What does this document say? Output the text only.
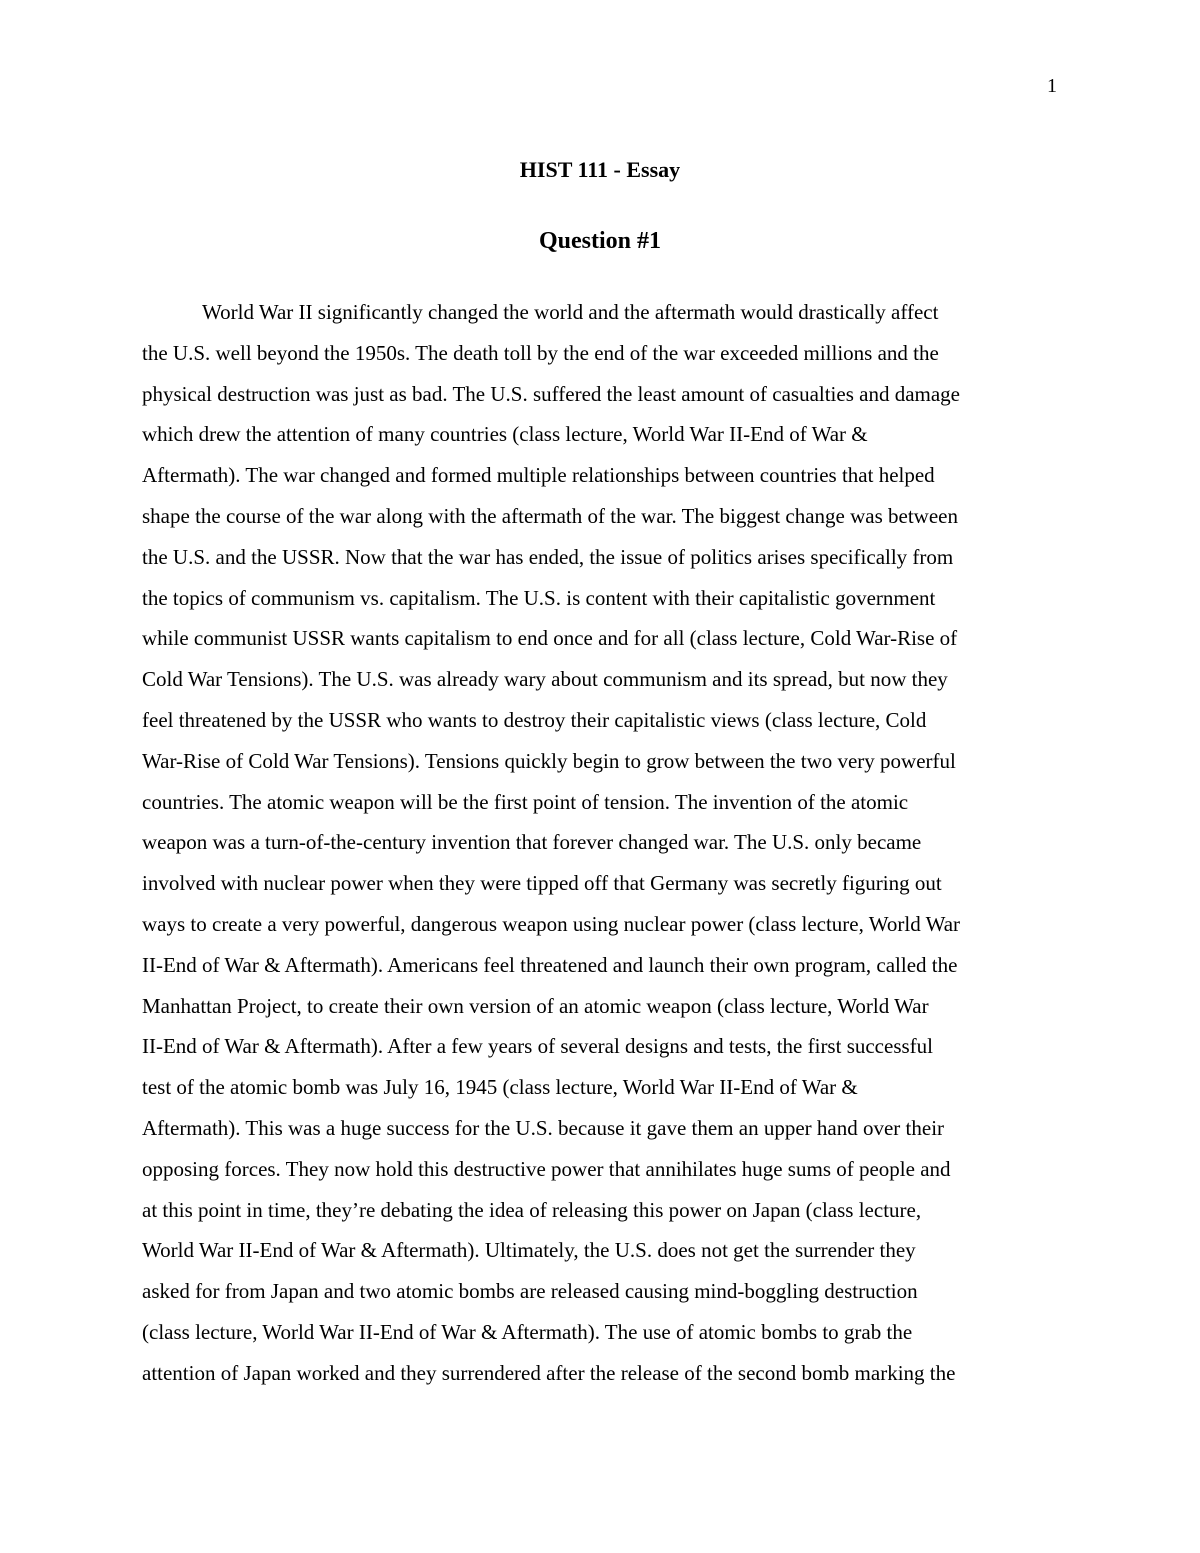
1
HIST 111 - Essay
Question #1
World War II significantly changed the world and the aftermath would drastically affect
the U.S. well beyond the 1950s. The death toll by the end of the war exceeded millions and the
physical destruction was just as bad. The U.S. suffered the least amount of casualties and damage
which drew the attention of many countries (class lecture, World War II-End of War &
Aftermath). The war changed and formed multiple relationships between countries that helped
shape the course of the war along with the aftermath of the war. The biggest change was between
the U.S. and the USSR. Now that the war has ended, the issue of politics arises specifically from
the topics of communism vs. capitalism. The U.S. is content with their capitalistic government
while communist USSR wants capitalism to end once and for all (class lecture, Cold War-Rise of
Cold War Tensions). The U.S. was already wary about communism and its spread, but now they
feel threatened by the USSR who wants to destroy their capitalistic views (class lecture, Cold
War-Rise of Cold War Tensions). Tensions quickly begin to grow between the two very powerful
countries. The atomic weapon will be the first point of tension. The invention of the atomic
weapon was a turn-of-the-century invention that forever changed war. The U.S. only became
involved with nuclear power when they were tipped off that Germany was secretly figuring out
ways to create a very powerful, dangerous weapon using nuclear power (class lecture, World War
II-End of War & Aftermath). Americans feel threatened and launch their own program, called the
Manhattan Project, to create their own version of an atomic weapon (class lecture, World War
II-End of War & Aftermath). After a few years of several designs and tests, the first successful
test of the atomic bomb was July 16, 1945 (class lecture, World War II-End of War &
Aftermath). This was a huge success for the U.S. because it gave them an upper hand over their
opposing forces. They now hold this destructive power that annihilates huge sums of people and
at this point in time, they’re debating the idea of releasing this power on Japan (class lecture,
World War II-End of War & Aftermath). Ultimately, the U.S. does not get the surrender they
asked for from Japan and two atomic bombs are released causing mind-boggling destruction
(class lecture, World War II-End of War & Aftermath). The use of atomic bombs to grab the
attention of Japan worked and they surrendered after the release of the second bomb marking the
